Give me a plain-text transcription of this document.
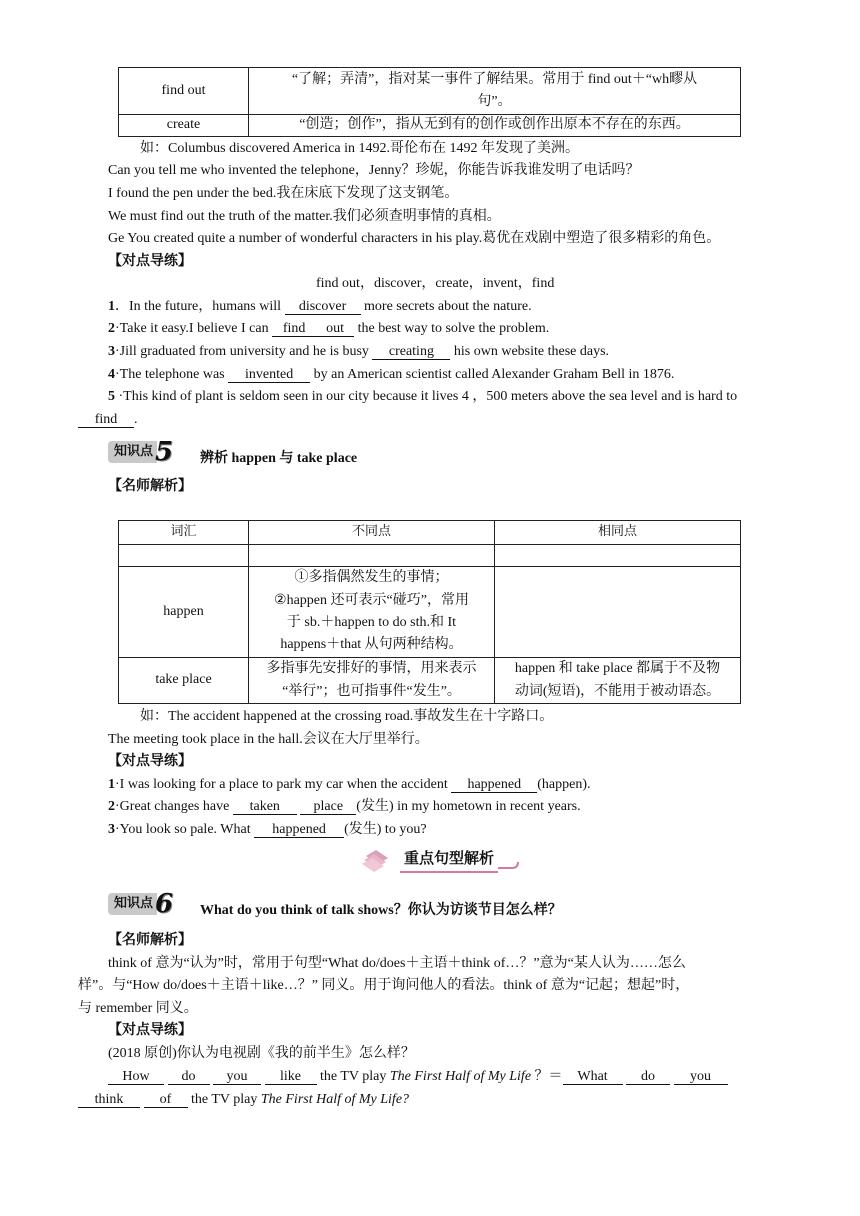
find out	“了解；弄清”，指对某一事件了解结果。常用于 find out＋“wh疁从
句”。
create	“创造；创作”，指从无到有的创作或创作出原本不存在的东西。
如：Columbus discovered America in 1492.哥伦布在 1492 年发现了美洲。
Can you tell me who invented the telephone，Jenny？珍妮，你能告诉我谁发明了电话吗？
I found the pen under the bed.我在床底下发现了这支钢笔。
We must find out the truth of the matter.我们必须查明事情的真相。
Ge You created quite a number of wonderful characters in his play.葛优在戏剧中塑造了很多精彩的角色。
【对点导练】
find out，discover，create，invent，find
1．In the future，humans will discover more secrets about the nature.
2·Take it easy.I believe I can find out the best way to solve the problem.
3·Jill graduated from university and he is busy creating his own website these days.
4·The telephone was invented by an American scientist called Alexander Graham Bell in 1876.
5 ·This kind of plant is seldom seen in our city because it lives 4 ，500 meters above the sea level and is hard to
find .
知识点 5 辨析 happen 与 take place
【名师解析】
词汇	不同点	相同点

happen	①多指偶然发生的事情；
②happen 还可表示“碰巧”，常用
于 sb.＋happen to do sth.和 It
happens＋that 从句两种结构。	
take place	多指事先安排好的事情，用来表示
“举行”；也可指事件“发生”。	happen 和 take place 都属于不及物
动词(短语)，不能用于被动语态。
如：The accident happened at the crossing road.事故发生在十字路口。
The meeting took place in the hall.会议在大厅里举行。
【对点导练】
1·I was looking for a place to park my car when the accident happened (happen).
2·Great changes have taken place (发生) in my hometown in recent years.
3·You look so pale. What happened (发生) to you?
重点句型解析
知识点 6 What do you think of talk shows？你认为访谈节目怎么样？
【名师解析】
think of 意为“认为”时，常用于句型“What do/does＋主语＋think of…？”意为“某人认为……怎么
样”。与“How do/does＋主语＋like…？” 同义。用于询问他人的看法。think of 意为“记起；想起”时，
与 remember 同义。
【对点导练】
(2018 原创)你认为电视剧《我的前半生》怎么样？
How do you like the TV play The First Half of My Life ？＝ What do	you
think	of the TV play The First Half of My Life?
